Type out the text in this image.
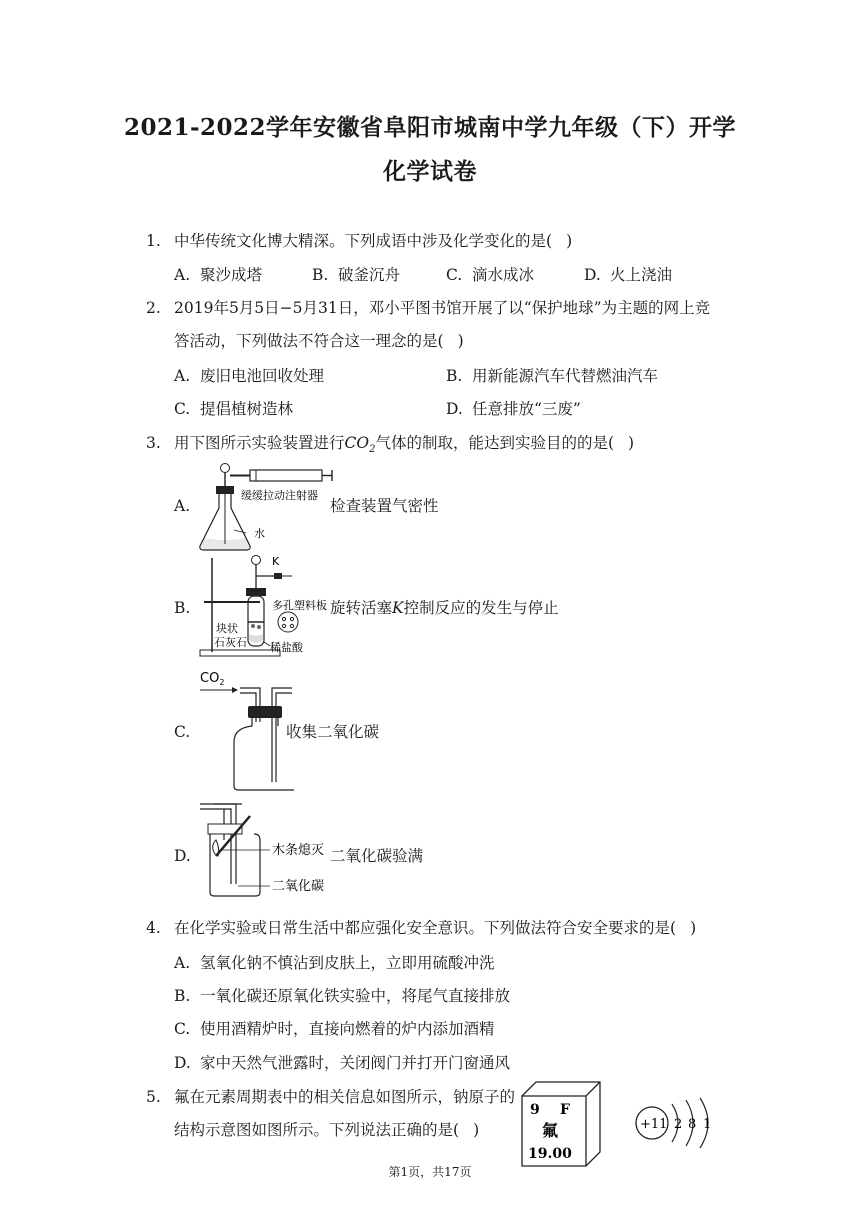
2021-2022学年安徽省阜阳市城南中学九年级（下）开学
化学试卷
1. 中华传统文化博大精深。下列成语中涉及化学变化的是( )
A. 聚沙成塔	B. 破釜沉舟	C. 滴水成冰	D. 火上浇油
2. 2019年5月5日−5月31日，邓小平图书馆开展了以“保护地球”为主题的网上竞
答活动，下列做法不符合这一理念的是( )
A. 废旧电池回收处理	B. 用新能源汽车代替燃油汽车
C. 提倡植树造林	D. 任意排放“三废”
3. 用下图所示实验装置进行$CO_2$气体的制取，能达到实验目的的是( )
A.
缓缓拉动注射器
水
检查装置气密性
B.
K
多孔塑料板
块状
石灰石 稀盐酸
旋转活塞K控制反应的发生与停止
C.
$CO_2$
收集二氧化碳
D.	木条熄灭
二氧化碳
二氧化碳验满
4. 在化学实验或日常生活中都应强化安全意识。下列做法符合安全要求的是( )
A. 氢氧化钠不慎沾到皮肤上，立即用硫酸冲洗
B. 一氧化碳还原氧化铁实验中，将尾气直接排放
C. 使用酒精炉时，直接向燃着的炉内添加酒精
D. 家中天然气泄露时，关闭阀门并打开门窗通风
5. 氟在元素周期表中的相关信息如图所示，钠原子的
结构示意图如图所示。下列说法正确的是( )
9 F
氟
19.00
+11 2 8 1
第1页，共17页
